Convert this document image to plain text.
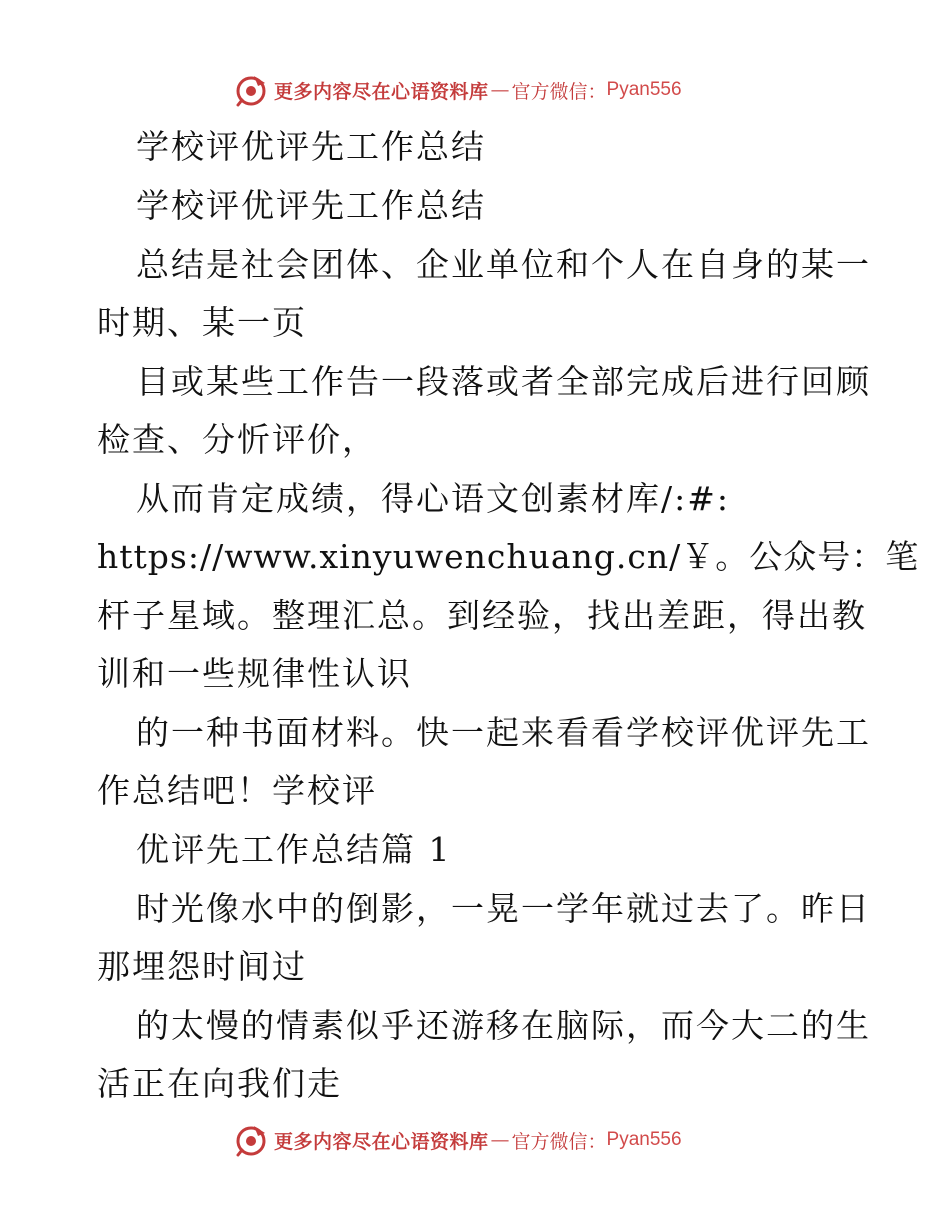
更多内容尽在心语资料库 — 官方微信： Pyan556
学校评优评先工作总结
学校评优评先工作总结
总结是社会团体、企业单位和个人在自身的某一
时期、某一页
目或某些工作告一段落或者全部完成后进行回顾
检查、分忻评价，
从而肯定成绩，得心语文创素材库/:#:
https://www.xinyuwenchuang.cn/￥。公众号：笔
杆子星域。整理汇总。到经验，找出差距，得出教
训和一些规律性认识
的一种书面材料。快一起来看看学校评优评先工
作总结吧！学校评
优评先工作总结篇 1
时光像水中的倒影，一晃一学年就过去了。昨日
那埋怨时间过
的太慢的情素似乎还游移在脑际，而今大二的生
活正在向我们走
更多内容尽在心语资料库 — 官方微信： Pyan556
